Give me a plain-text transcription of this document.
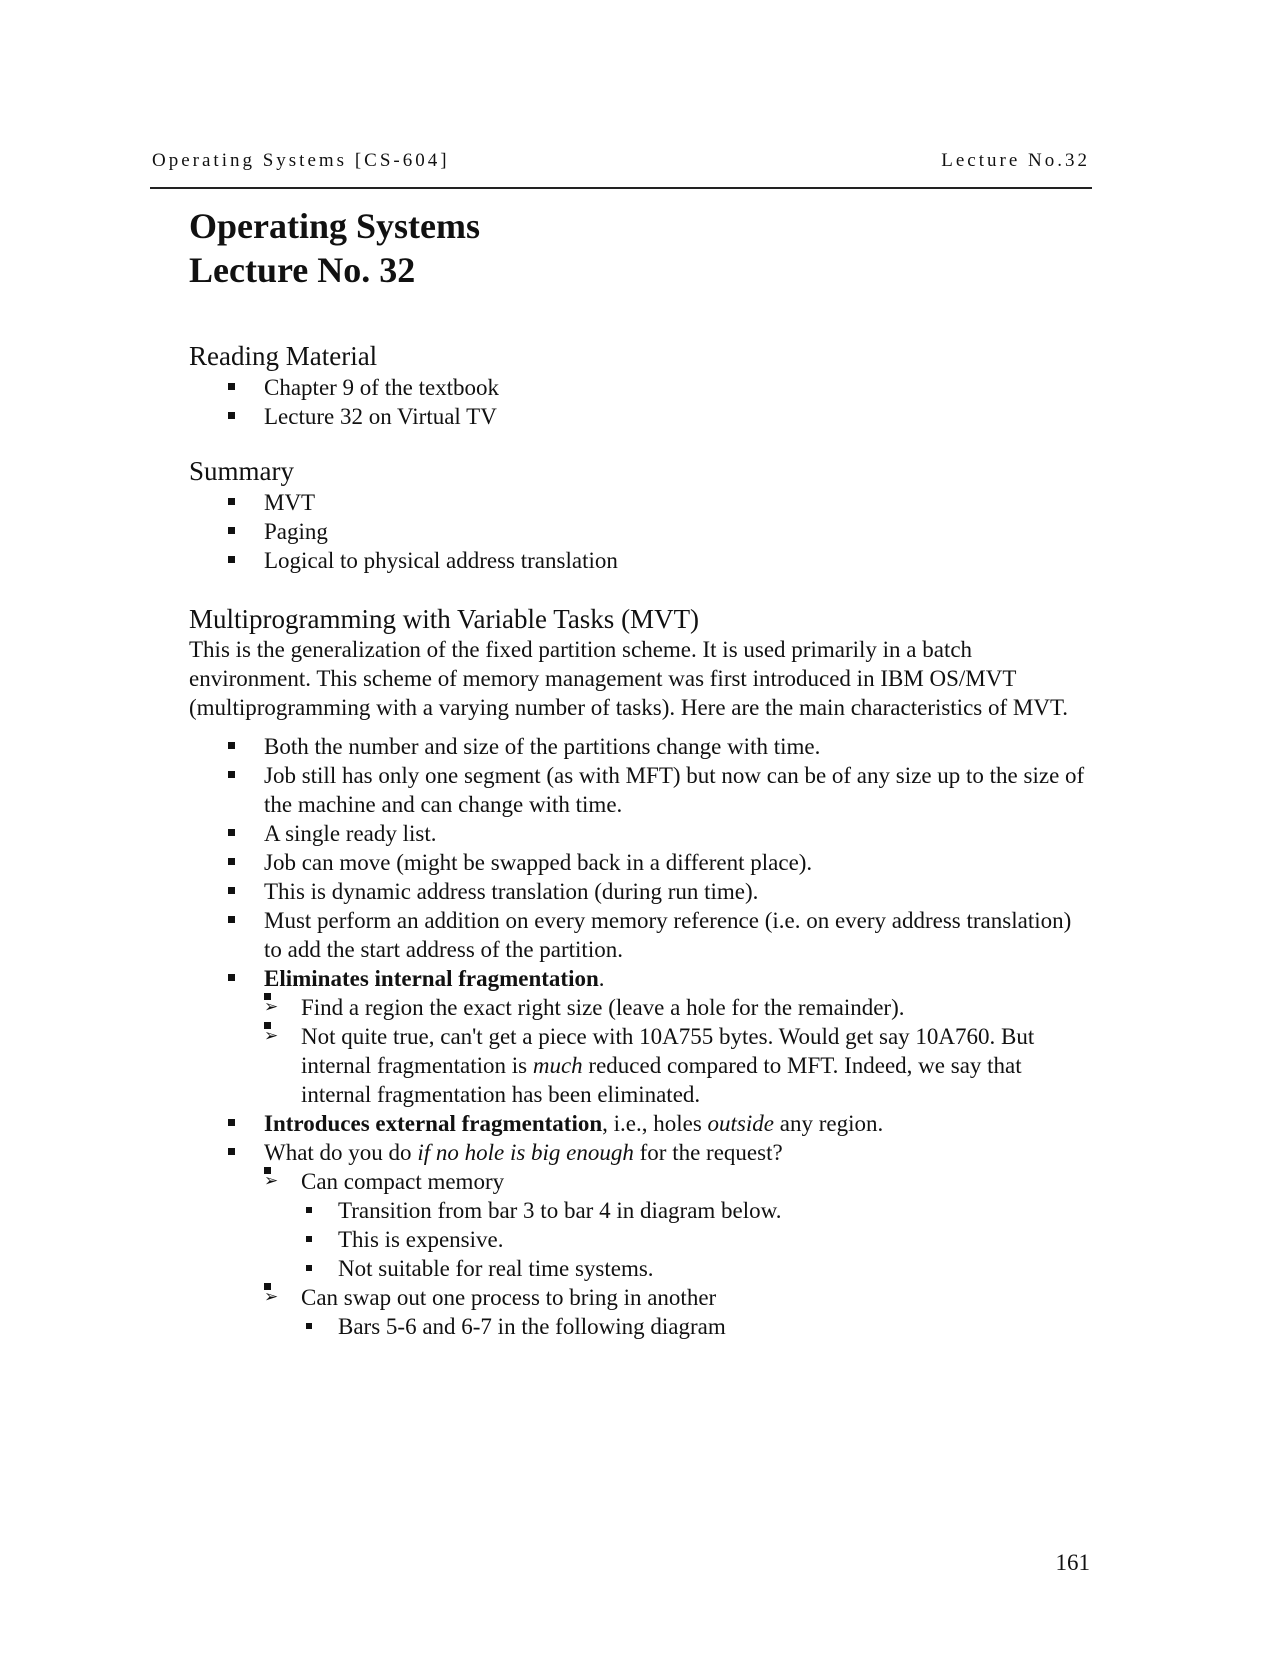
Operating Systems [CS-604]	Lecture No.32
Operating Systems
Lecture No. 32
Reading Material
Chapter 9 of the textbook
Lecture 32 on Virtual TV
Summary
MVT
Paging
Logical to physical address translation
Multiprogramming with Variable Tasks (MVT)

This is the generalization of the fixed partition scheme. It is used primarily in a batch environment. This scheme of memory management was first introduced in IBM OS/MVT (multiprogramming with a varying number of tasks). Here are the main characteristics of MVT.

Both the number and size of the partitions change with time.
Job still has only one segment (as with MFT) but now can be of any size up to the size of the machine and can change with time.
A single ready list.
Job can move (might be swapped back in a different place).
This is dynamic address translation (during run time).
Must perform an addition on every memory reference (i.e. on every address translation) to add the start address of the partition.
Eliminates internal fragmentation.
➢ Find a region the exact right size (leave a hole for the remainder).
➢ Not quite true, can't get a piece with 10A755 bytes. Would get say 10A760. But internal fragmentation is much reduced compared to MFT. Indeed, we say that internal fragmentation has been eliminated.
Introduces external fragmentation, i.e., holes outside any region.
What do you do if no hole is big enough for the request?
➢ Can compact memory
Transition from bar 3 to bar 4 in diagram below.
This is expensive.
Not suitable for real time systems.
➢ Can swap out one process to bring in another
Bars 5-6 and 6-7 in the following diagram
161
